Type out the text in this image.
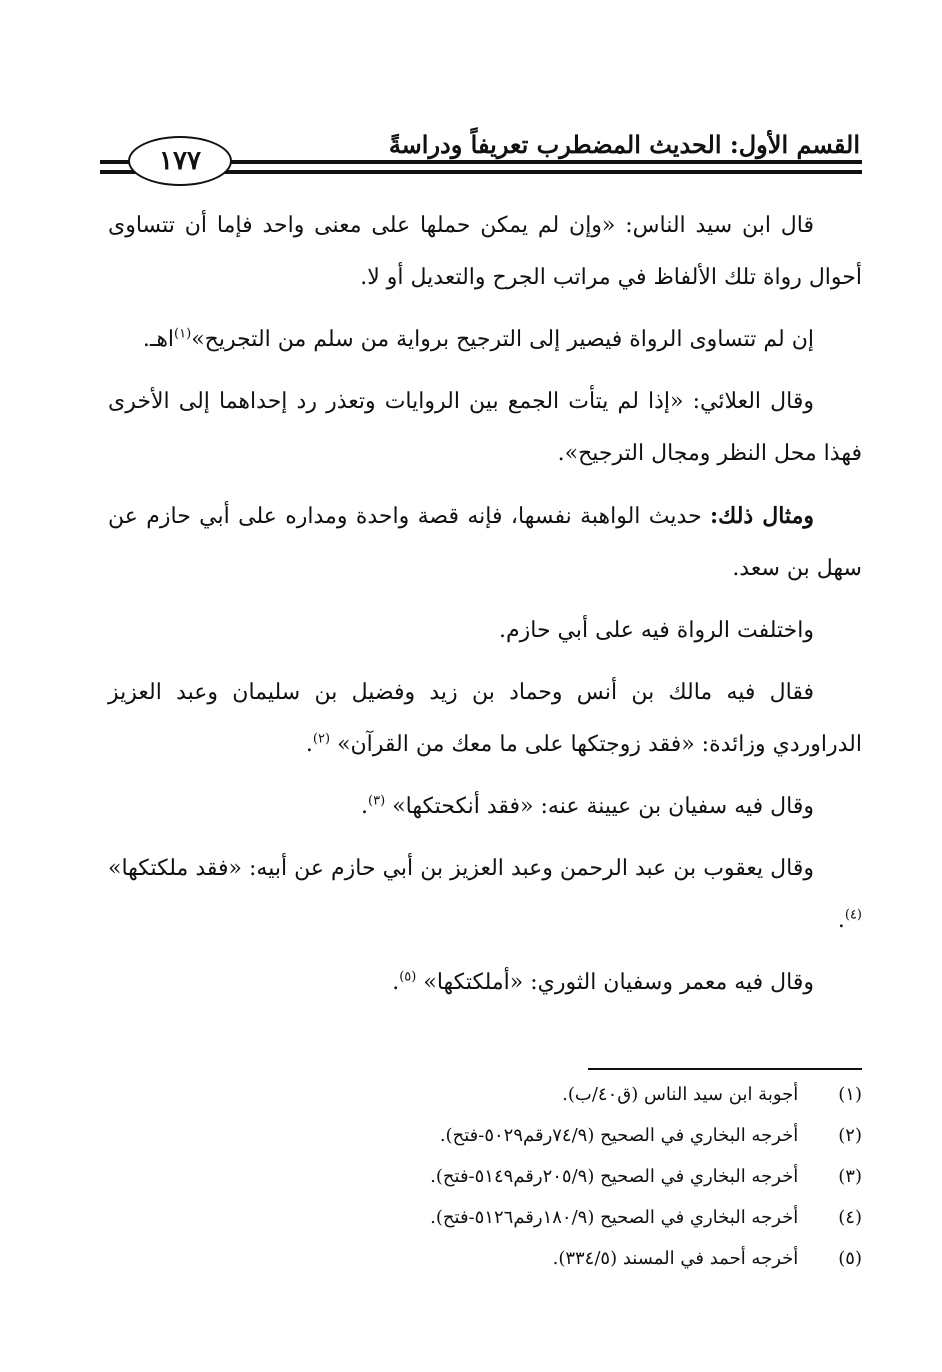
القسم الأول: الحديث المضطرب تعريفاً ودراسةً
١٧٧

قال ابن سيد الناس: «وإن لم يمكن حملها على معنى واحد فإما أن تتساوى أحوال رواة تلك الألفاظ في مراتب الجرح والتعديل أو لا.

إن لم تتساوى الرواة فيصير إلى الترجيح برواية من سلم من التجريح»$^{(١)}$اهـ.

وقال العلائي: «إذا لم يتأت الجمع بين الروايات وتعذر رد إحداهما إلى الأخرى فهذا محل النظر ومجال الترجيح».

ومثال ذلك: حديث الواهبة نفسها، فإنه قصة واحدة ومداره على أبي حازم عن سهل بن سعد.

واختلفت الرواة فيه على أبي حازم.

فقال فيه مالك بن أنس وحماد بن زيد وفضيل بن سليمان وعبد العزيز الدراوردي وزائدة: «فقد زوجتكها على ما معك من القرآن» $^{(٢)}$.

وقال فيه سفيان بن عيينة عنه: «فقد أنكحتكها» $^{(٣)}$.

وقال يعقوب بن عبد الرحمن وعبد العزيز بن أبي حازم عن أبيه: «فقد ملكتكها» $^{(٤)}$.

وقال فيه معمر وسفيان الثوري: «أملكتكها» $^{(٥)}$.

(١) أجوبة ابن سيد الناس (ق٤٠/ب).
(٢) أخرجه البخاري في الصحيح (٧٤/٩رقم٥٠٢٩-فتح).
(٣) أخرجه البخاري في الصحيح (٢٠٥/٩رقم٥١٤٩-فتح).
(٤) أخرجه البخاري في الصحيح (١٨٠/٩رقم٥١٢٦-فتح).
(٥) أخرجه أحمد في المسند (٣٣٤/٥).
